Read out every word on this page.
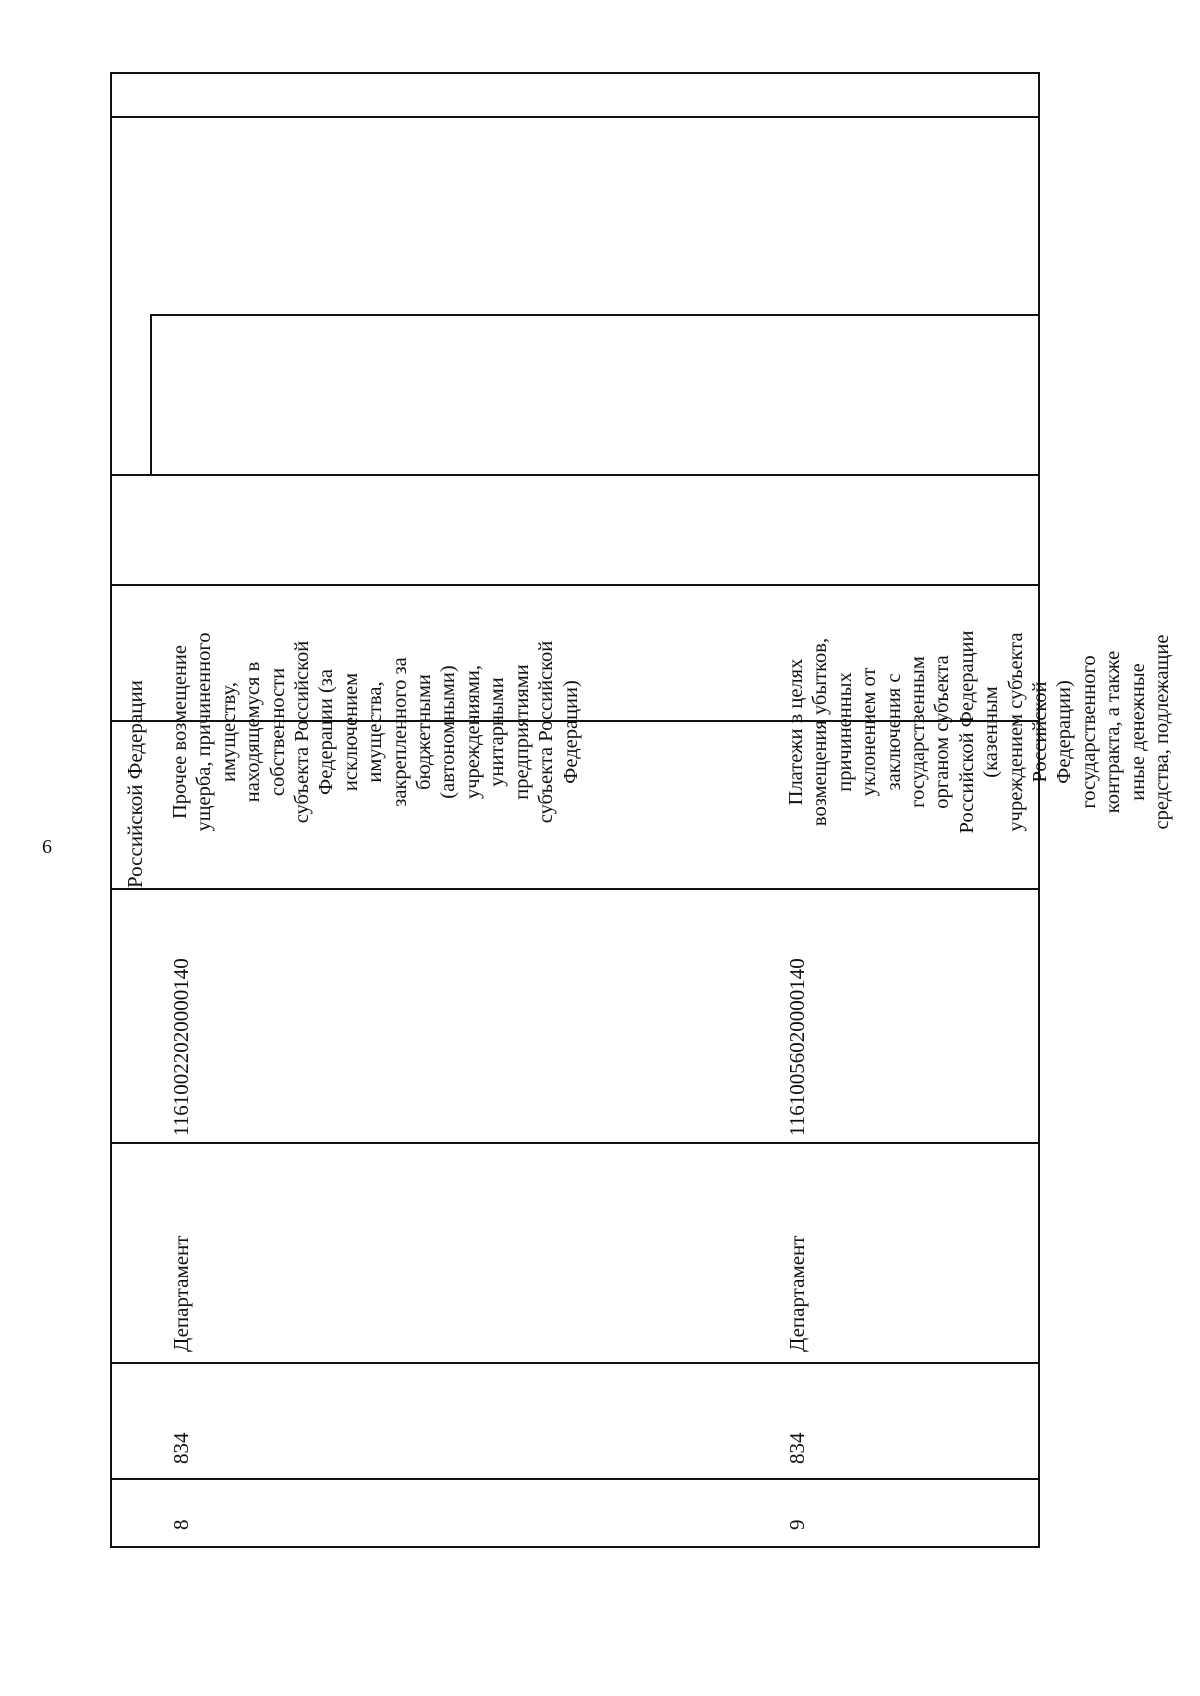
6	Российской Федерации
8
834
Департамент
11610022020000140
Прочее возмещение ущерба, причиненного имуществу, находящемуся в собственности субъекта Российской Федерации (за исключением имущества, закрепленного за бюджетными (автономными) учреждениями, унитарными предприятиями субъекта Российской Федерации)
9
834
Департамент
11610056020000140
Платежи в целях возмещения убытков, причиненных уклонением от заключения с государственным органом субъекта Российской Федерации (казенным учреждением субъекта Российской Федерации) государственного контракта, а также иные денежные средства, подлежащие
